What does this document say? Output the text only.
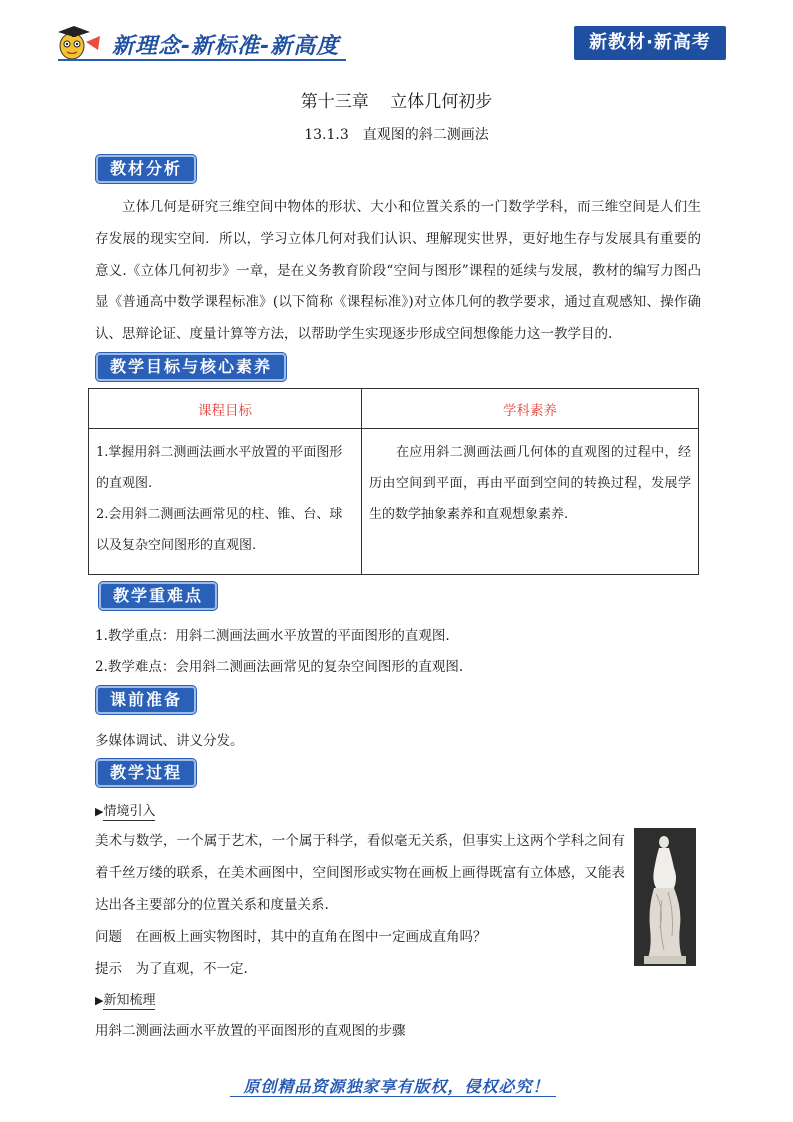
新理念-新标准-新高度	新教材·新高考
第十三章 立体几何初步
13.1.3　直观图的斜二测画法
教材分析

立体几何是研究三维空间中物体的形状、大小和位置关系的一门数学学科，而三维空间是人们生存发展的现实空间．所以，学习立体几何对我们认识、理解现实世界，更好地生存与发展具有重要的意义.《立体几何初步》一章，是在义务教育阶段“空间与图形”课程的延续与发展，教材的编写力图凸显《普通高中数学课程标准》(以下简称《课程标准》)对立体几何的教学要求，通过直观感知、操作确认、思辩论证、度量计算等方法，以帮助学生实现逐步形成空间想像能力这一教学目的.

教学目标与核心素养
课程目标	学科素养

1.掌握用斜二测画法画水平放置的平面图形的直观图.

2.会用斜二测画法画常见的柱、锥、台、球以及复杂空间图形的直观图.	在应用斜二测画法画几何体的直观图的过程中，经历由空间到平面，再由平面到空间的转换过程，发展学生的数学抽象素养和直观想象素养.

教学重难点
1.教学重点：用斜二测画法画水平放置的平面图形的直观图.
2.教学难点：会用斜二测画法画常见的复杂空间图形的直观图.
课前准备
多媒体调试、讲义分发。
教学过程
▶情境引入

美术与数学，一个属于艺术，一个属于科学，看似毫无关系，但事实上这两个学科之间有着千丝万缕的联系，在美术画图中，空间图形或实物在画板上画得既富有立体感，又能表达出各主要部分的位置关系和度量关系.

问题　在画板上画实物图时，其中的直角在图中一定画成直角吗？
提示　为了直观，不一定.
▶新知梳理
用斜二测画法画水平放置的平面图形的直观图的步骤
原创精品资源独家享有版权，侵权必究！
